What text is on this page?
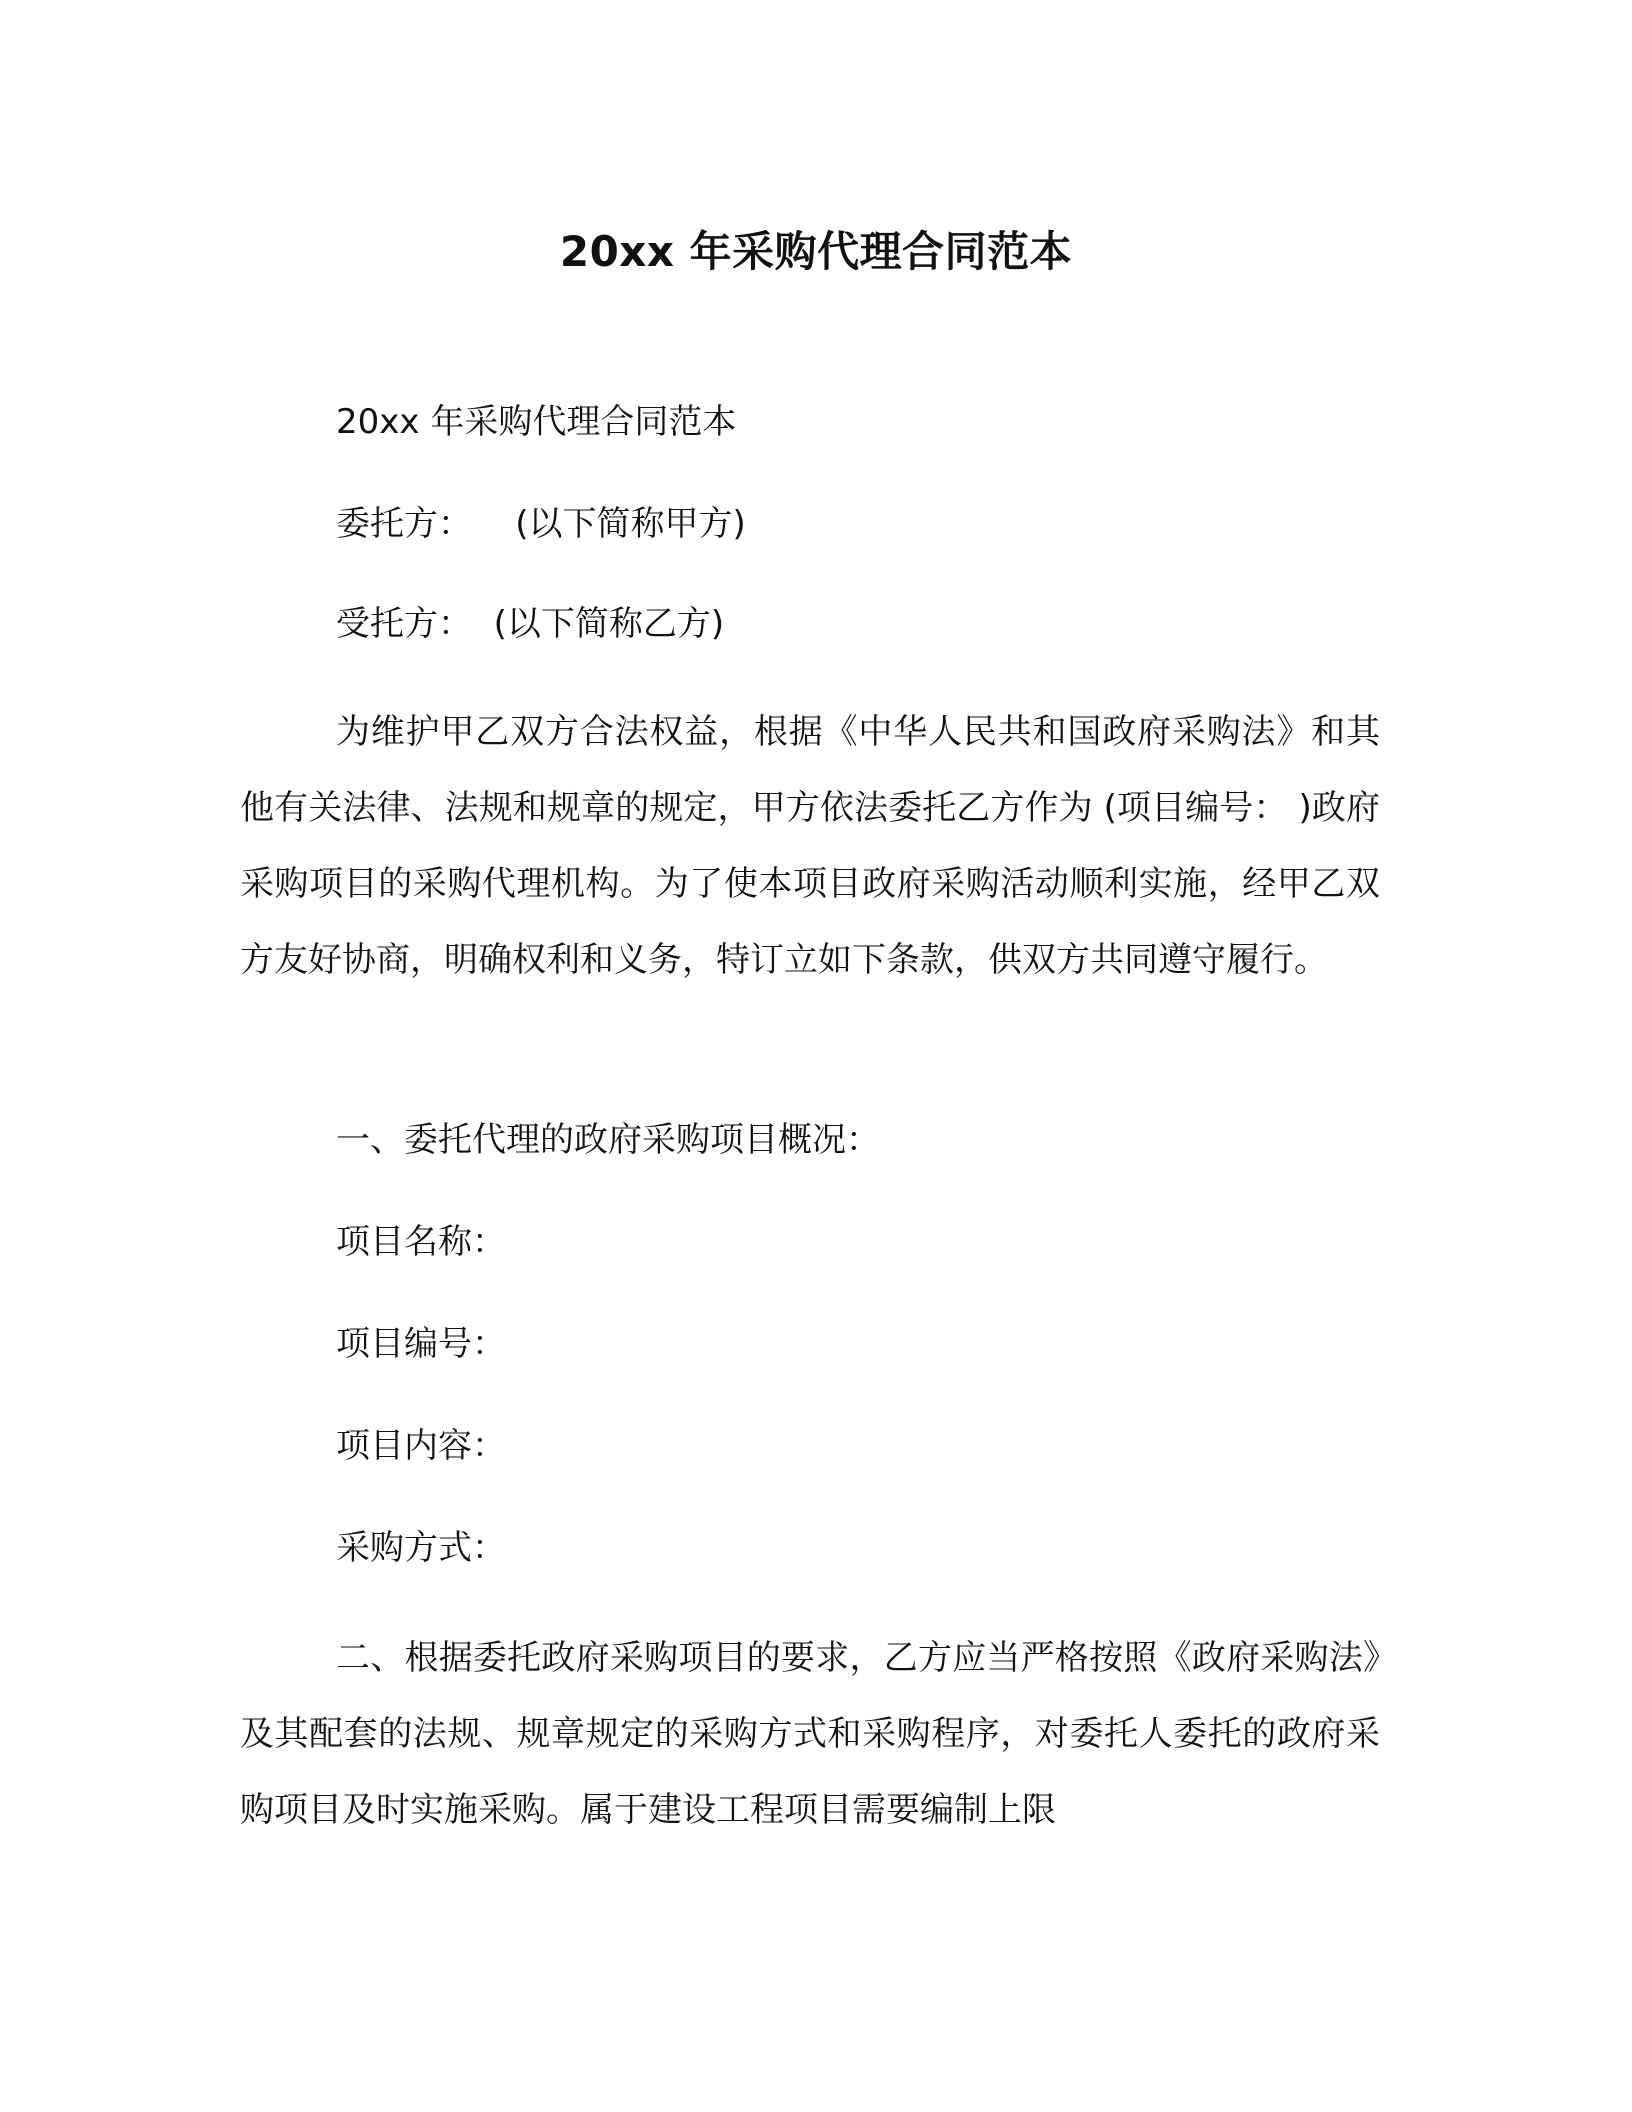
20xx 年采购代理合同范本
20xx 年采购代理合同范本
委托方：    (以下简称甲方)
受托方：  (以下简称乙方)

为维护甲乙双方合法权益，根据《中华人民共和国政府采购法》和其他有关法律、法规和规章的规定，甲方依法委托乙方作为 (项目编号： )政府采购项目的采购代理机构。为了使本项目政府采购活动顺利实施，经甲乙双方友好协商，明确权利和义务，特订立如下条款，供双方共同遵守履行。

一、委托代理的政府采购项目概况：
项目名称：
项目编号：
项目内容：
采购方式：

二、根据委托政府采购项目的要求，乙方应当严格按照《政府采购法》及其配套的法规、规章规定的采购方式和采购程序，对委托人委托的政府采购项目及时实施采购。属于建设工程项目需要编制上限
